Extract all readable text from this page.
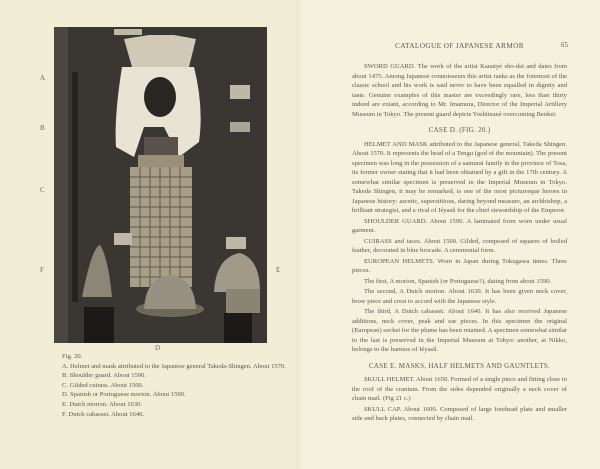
A
B
C
F	E
D

Fig. 20.

A. Helmet and mask attributed to the Japanese general Takeda-Shingen. About 1570.

B. Shoulder guard. About 1590.

C. Gilded cuirass. About 1500.

D. Spanish or Portuguese morion. About 1590.

E. Dutch morion. About 1630.

F. Dutch cabasset. About 1640.

CATALOGUE OF JAPANESE ARMOR	65

SWORD GUARD. The work of the artist Kanaiyé sho-dai and dates from about 1475. Among Japanese connoisseurs this artist ranks as the foremost of the classic school and his work is said never to have been equalled in dignity and taste. Genuine examples of this master are exceedingly rare, less than thirty indeed are extant, according to Mr. Imamura, Director of the Imperial Artillery Museum in Tokyo. The present guard depicts Yoshitsuné overcoming Benkei.

CASE D. (FIG. 20.)

HELMET AND MASK attributed to the Japanese general, Takeda Shingen. About 1570. It represents the head of a Tengu (god of the mountain). The present specimen was long in the possession of a samurai family in the province of Tosa, its former owner stating that it had been obtained by a gift in the 17th century. A somewhat similar specimen is preserved in the Imperial Museum in Tokyo. Takeda Shingen, it may be remarked, is one of the most picturesque heroes in Japanese history: ascetic, superstitious, daring beyond measure, an archbishop, a brilliant strategist, and a rival of Iéyasŭ for the chief stewardship of the Emperor.

SHOULDER GUARD. About 1590. A laminated form worn under usual garment.

CUIRASS and taces. About 1500. Gilded, composed of squares of boiled leather, decorated in blue brocade. A ceremonial form.

EUROPEAN HELMETS. Worn in Japan during Tokugawa times. Three pieces.

The first, A morion, Spanish (or Portuguese?), dating from about 1590.

The second, A Dutch morion. About 1630. It has been given neck cover, brow piece and crest to accord with the Japanese style.

The third, A Dutch cabasset. About 1640. It has also received Japanese additions, neck cover, peak and ear pieces. In this specimen the original (European) socket for the plume has been retained. A specimen somewhat similar to the last is preserved in the Imperial Museum at Tokyo: another, at Nikko, belongs to the harness of Iéyasŭ.

CASE E. MASKS, HALF HELMETS AND GAUNTLETS.

SKULL HELMET. About 1650. Formed of a single piece and fitting close to the roof of the cranium. From the sides depended originally a neck cover of chain mail. (Fig 21 c.)

SKULL CAP. About 1600. Composed of large forehead plate and smaller side and back plates, connected by chain mail.
